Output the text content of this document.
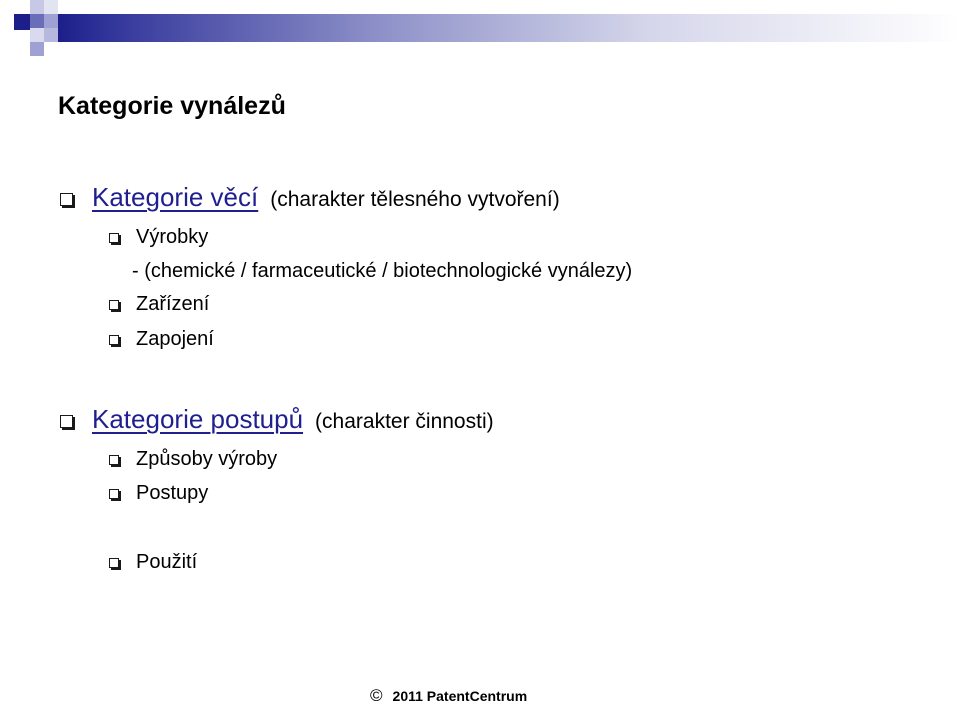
Kategorie vynálezů
Kategorie věcí (charakter tělesného vytvoření)
Výrobky
- (chemické / farmaceutické / biotechnologické vynálezy)
Zařízení
Zapojení
Kategorie postupů (charakter činnosti)
Způsoby výroby
Postupy
Použití
© 2011 PatentCentrum
